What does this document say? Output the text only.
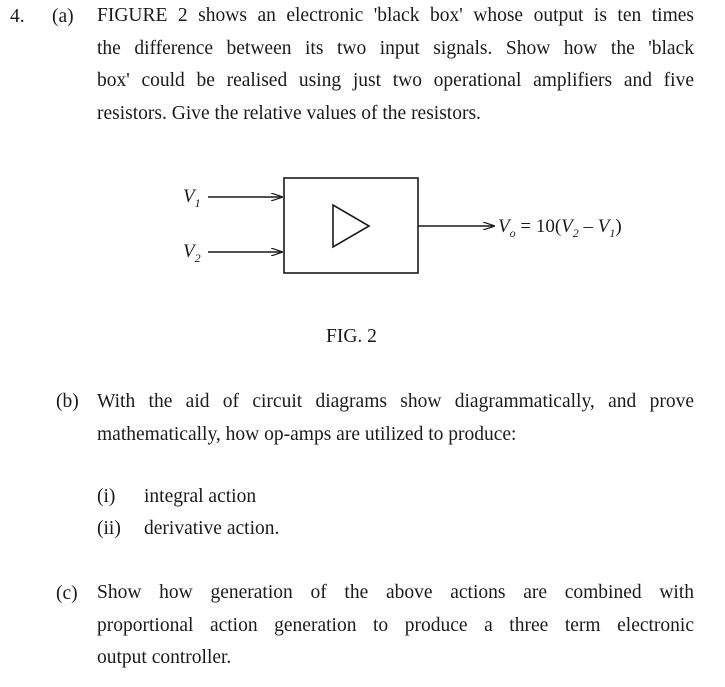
4. (a) FIGURE 2 shows an electronic 'black box' whose output is ten times
the difference between its two input signals. Show how the 'black
box' could be realised using just two operational amplifiers and five
resistors. Give the relative values of the resistors.
$V_1$
$V_2$
$V_o = 10(V_2 - V_1)$
FIG. 2
(b) With the aid of circuit diagrams show diagrammatically, and prove
mathematically, how op-amps are utilized to produce:
(i) integral action
(ii) derivative action.
(c) Show how generation of the above actions are combined with
proportional action generation to produce a three term electronic
output controller.
